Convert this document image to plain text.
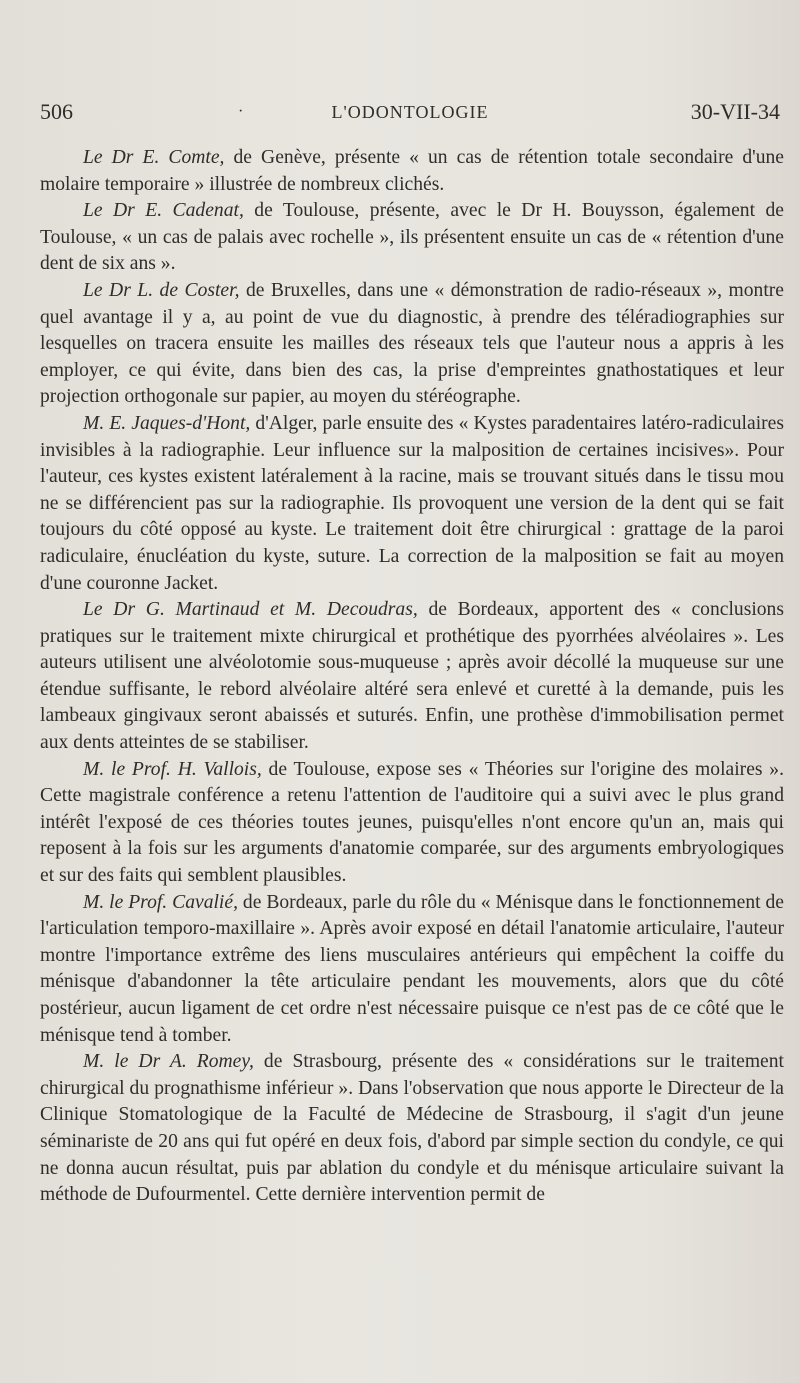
506	·	L'ODONTOLOGIE	30-VII-34

Le Dr E. Comte, de Genève, présente « un cas de rétention totale secondaire d'une molaire temporaire » illustrée de nombreux clichés.

Le Dr E. Cadenat, de Toulouse, présente, avec le Dr H. Bouysson, également de Toulouse, « un cas de palais avec rochelle », ils présentent ensuite un cas de « rétention d'une dent de six ans ».

Le Dr L. de Coster, de Bruxelles, dans une « démonstration de radio-réseaux », montre quel avantage il y a, au point de vue du diagnostic, à prendre des téléradiographies sur lesquelles on tracera ensuite les mailles des réseaux tels que l'auteur nous a appris à les employer, ce qui évite, dans bien des cas, la prise d'empreintes gnathostatiques et leur projection orthogonale sur papier, au moyen du stéréographe.

M. E. Jaques-d'Hont, d'Alger, parle ensuite des « Kystes paradentaires latéro-radiculaires invisibles à la radiographie. Leur influence sur la malposition de certaines incisives». Pour l'auteur, ces kystes existent latéralement à la racine, mais se trouvant situés dans le tissu mou ne se différencient pas sur la radiographie. Ils provoquent une version de la dent qui se fait toujours du côté opposé au kyste. Le traitement doit être chirurgical : grattage de la paroi radiculaire, énucléation du kyste, suture. La correction de la malposition se fait au moyen d'une couronne Jacket.

Le Dr G. Martinaud et M. Decoudras, de Bordeaux, apportent des « conclusions pratiques sur le traitement mixte chirurgical et prothétique des pyorrhées alvéolaires ». Les auteurs utilisent une alvéolotomie sous-muqueuse ; après avoir décollé la muqueuse sur une étendue suffisante, le rebord alvéolaire altéré sera enlevé et curetté à la demande, puis les lambeaux gingivaux seront abaissés et suturés. Enfin, une prothèse d'immobilisation permet aux dents atteintes de se stabiliser.

M. le Prof. H. Vallois, de Toulouse, expose ses « Théories sur l'origine des molaires ». Cette magistrale conférence a retenu l'attention de l'auditoire qui a suivi avec le plus grand intérêt l'exposé de ces théories toutes jeunes, puisqu'elles n'ont encore qu'un an, mais qui reposent à la fois sur les arguments d'anatomie comparée, sur des arguments embryologiques et sur des faits qui semblent plausibles.

M. le Prof. Cavalié, de Bordeaux, parle du rôle du « Ménisque dans le fonctionnement de l'articulation temporo-maxillaire ». Après avoir exposé en détail l'anatomie articulaire, l'auteur montre l'importance extrême des liens musculaires antérieurs qui empêchent la coiffe du ménisque d'abandonner la tête articulaire pendant les mouvements, alors que du côté postérieur, aucun ligament de cet ordre n'est nécessaire puisque ce n'est pas de ce côté que le ménisque tend à tomber.

M. le Dr A. Romey, de Strasbourg, présente des « considérations sur le traitement chirurgical du prognathisme inférieur ». Dans l'observation que nous apporte le Directeur de la Clinique Stomatologique de la Faculté de Médecine de Strasbourg, il s'agit d'un jeune séminariste de 20 ans qui fut opéré en deux fois, d'abord par simple section du condyle, ce qui ne donna aucun résultat, puis par ablation du condyle et du ménisque articulaire suivant la méthode de Dufourmentel. Cette dernière intervention permit de
